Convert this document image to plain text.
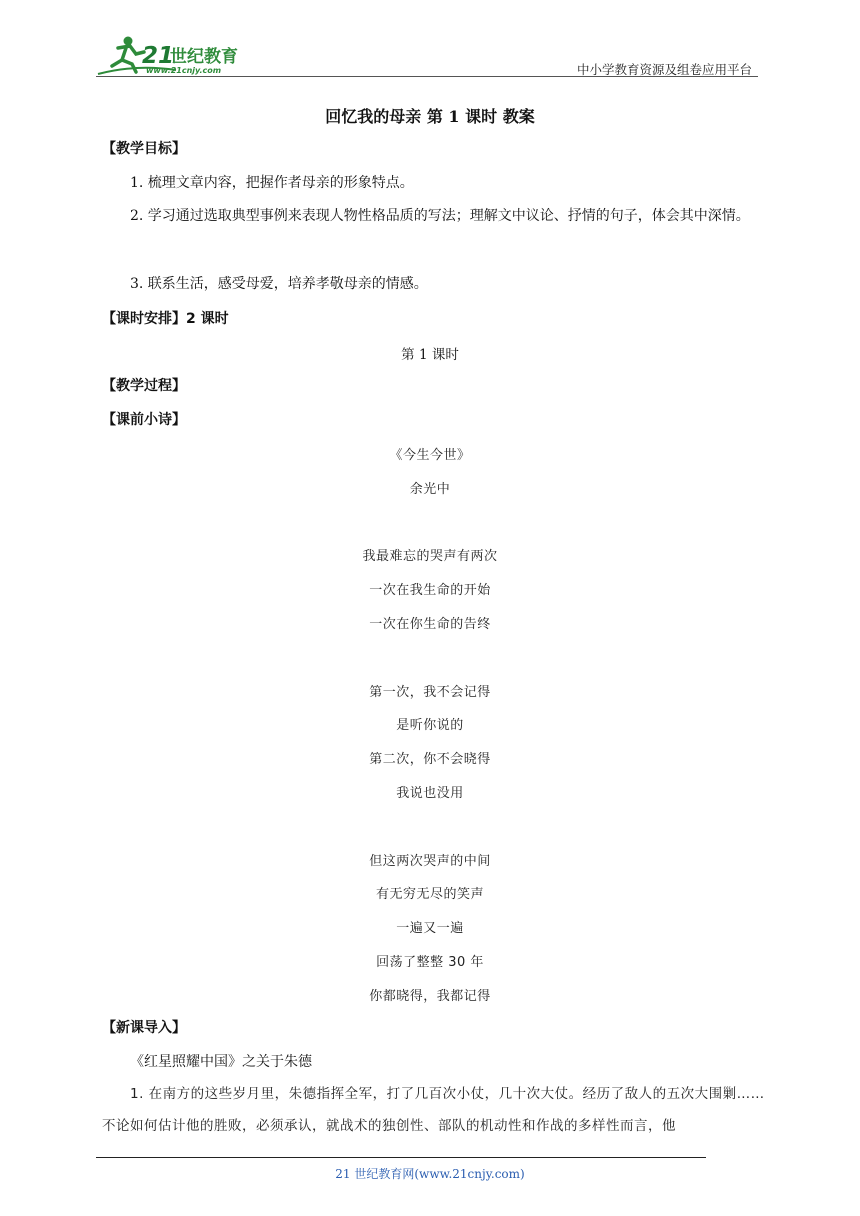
21
世纪教育
www.21cnjy.com	中小学教育资源及组卷应用平台
回忆我的母亲 第 1 课时 教案
【教学目标】
1. 梳理文章内容，把握作者母亲的形象特点。
2. 学习通过选取典型事例来表现人物性格品质的写法；理解文中议论、抒情的句子，体会其中深情。
3. 联系生活，感受母爱，培养孝敬母亲的情感。
【课时安排】2 课时
第 1 课时
【教学过程】
【课前小诗】
《今生今世》
余光中
我最难忘的哭声有两次
一次在我生命的开始
一次在你生命的告终
第一次，我不会记得
是听你说的
第二次，你不会晓得
我说也没用
但这两次哭声的中间
有无穷无尽的笑声
一遍又一遍
回荡了整整 30 年
你都晓得，我都记得
【新课导入】
《红星照耀中国》之关于朱德
1. 在南方的这些岁月里，朱德指挥全军，打了几百次小仗，几十次大仗。经历了敌人的五次大围剿……不论如何估计他的胜败，必须承认，就战术的独创性、部队的机动性和作战的多样性而言，他
21 世纪教育网(www.21cnjy.com)
